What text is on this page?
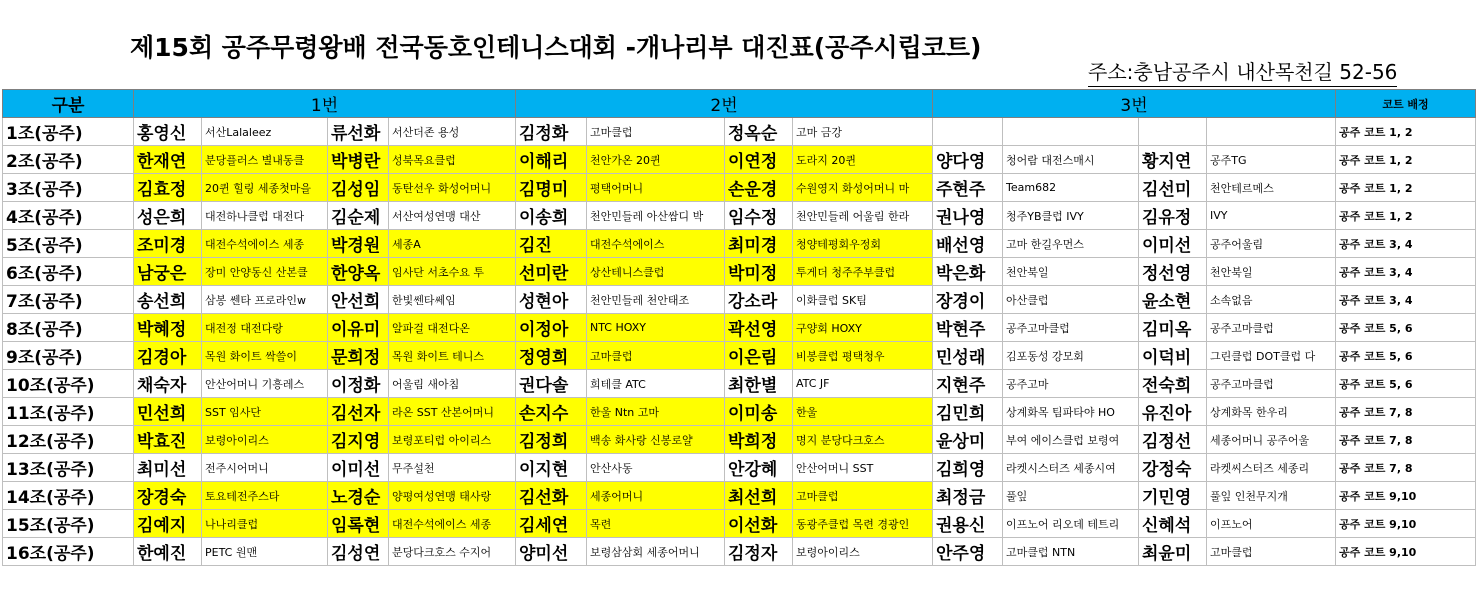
제15회 공주무령왕배 전국동호인테니스대회 -개나리부 대진표(공주시립코트)
주소:충남공주시 내산목천길 52-56
구분	1번				2번				3번				코트 배정
1조(공주)	홍영신	서산Lalaleez	류선화	서산더존 용성	김정화	고마클럽	정옥순	고마 금강					공주 코트 1, 2
2조(공주)	한재연	분당플러스 별내동클	박병란	성북목요클럽	이해리	천안가온 20퀸	이연정	도라지 20퀸	양다영	청어람 대전스매시	황지연	공주TG	공주 코트 1, 2
3조(공주)	김효정	20퀸 힐링 세종첫마을	김성임	동탄선우 화성어머니	김명미	평택어머니	손운경	수원영지 화성어머니 마	주현주	Team682	김선미	천안테르메스	공주 코트 1, 2
4조(공주)	성은희	대전하나클럽 대전다	김순제	서산여성연맹 대산	이송희	천안민들레 아산쌈디 박	임수정	천안민들레 어울림 한라	권나영	청주YB클럽 IVY	김유정	IVY	공주 코트 1, 2
5조(공주)	조미경	대전수석에이스 세종	박경원	세종A	김진	대전수석에이스	최미경	청양테평회우정회	배선영	고마 한길우먼스	이미선	공주어울림	공주 코트 3, 4
6조(공주)	남궁은	장미 안양동신 산본클	한양옥	임사단 서초수요 투	선미란	상산테니스클럽	박미정	투게더 청주주부클럽	박은화	천안북일	정선영	천안북일	공주 코트 3, 4
7조(공주)	송선희	삼봉 쎈타 프로라인w	안선희	한빛쎈타쎄임	성현아	천안민들레 천안태조	강소라	이화클럽 SK팀	장경이	아산클럽	윤소현	소속없음	공주 코트 3, 4
8조(공주)	박혜정	대전정 대전다랑	이유미	알파걸 대전다온	이정아	NTC HOXY	곽선영	구양회 HOXY	박현주	공주고마클럽	김미옥	공주고마클럽	공주 코트 5, 6
9조(공주)	김경아	목원 화이트 싹쓸이	문희정	목원 화이트 테니스	정영희	고마클럽	이은림	비봉클럽 평택청우	민성래	김포동성 강모회	이덕비	그린클럽 DOT클럽 다	공주 코트 5, 6
10조(공주)	채숙자	안산어머니 기흥레스	이정화	어울림 새아침	권다솔	희테클 ATC	최한별	ATC JF	지현주	공주고마	전숙희	공주고마클럽	공주 코트 5, 6
11조(공주)	민선희	SST 임사단	김선자	라온 SST 산본어머니	손지수	한울 Ntn 고마	이미송	한울	김민희	상계화목 팀파타야 HO	유진아	상계화목 한우리	공주 코트 7, 8
12조(공주)	박효진	보령아이리스	김지영	보령포티럽 아이리스	김정희	백송 화사랑 신봉로얄	박희정	명지 분당다크호스	윤상미	부여 에이스클럽 보령여	김정선	세종어머니 공주어울	공주 코트 7, 8
13조(공주)	최미선	전주시어머니	이미선	무주설천	이지현	안산사동	안강혜	안산어머니 SST	김희영	라켓시스터즈 세종시여	강정숙	라켓씨스터즈 세종리	공주 코트 7, 8
14조(공주)	장경숙	토요테전주스타	노경순	양평여성연맹 태사랑	김선화	세종어머니	최선희	고마클럽	최정금	풀잎	기민영	풀잎 인천무지개	공주 코트 9,10
15조(공주)	김예지	나나리클럽	임록현	대전수석에이스 세종	김세연	목련	이선화	동광주클럽 목련 경광인	권용신	이프노어 리오데 테트리	신혜석	이프노어	공주 코트 9,10
16조(공주)	한예진	PETC 원맨	김성연	분당다크호스 수지어	양미선	보령삼삼회 세종어머니	김정자	보령아이리스	안주영	고마클럽 NTN	최윤미	고마클럽	공주 코트 9,10
